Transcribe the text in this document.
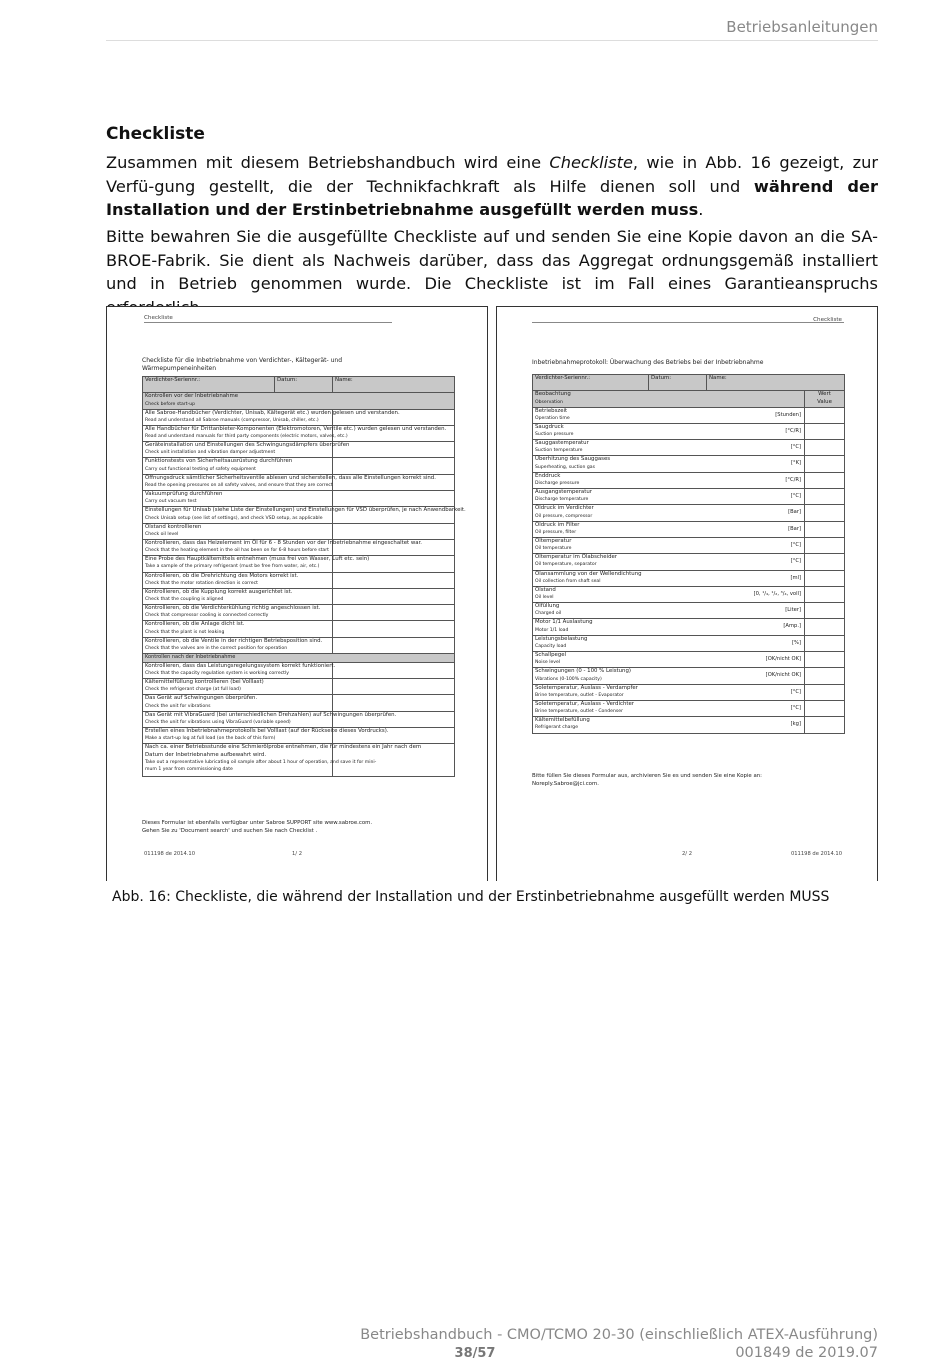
Betriebsanleitungen
Checkliste
Zusammen mit diesem Betriebshandbuch wird eine Checkliste, wie in Abb. 16 gezeigt, zur Verfü-gung gestellt, die der Technikfachkraft als Hilfe dienen soll und während der Installation und der Erstinbetriebnahme ausgefüllt werden muss.
Bitte bewahren Sie die ausgefüllte Checkliste auf und senden Sie eine Kopie davon an die SA-BROE-Fabrik. Sie dient als Nachweis darüber, dass das Aggregat ordnungsgemäß installiert und in Betrieb genommen wurde. Die Checkliste ist im Fall eines Garantieanspruchs
Checkliste
Checkliste für die Inbetriebnahme von Verdichter-, Kältegerät- und Wärmepumpeneinheiten
Verdichter-Seriennr.:	Datum:	Name:

Kontrollen vor der Inbetriebnahme
Check before start-up		

Alle Sabroe-Handbücher (Verdichter, Unisab, Kältegerät etc.) wurden gelesen und verstanden.
Read and understand all Sabroe manuals (compressor, Unisab, chiller, etc.)		

Alle Handbücher für Drittanbieter-Komponenten (Elektromotoren, Ventile etc.) wurden gelesen und verstanden.
Read and understand manuals for third party components (electric motors, valves, etc.)		

Geräteinstallation und Einstellungen des Schwingungsdämpfers überprüfen
Check unit installation and vibration damper adjustment		

Funktionstests von Sicherheitsausrüstung durchführen
Carry out functional testing of safety equipment		

Öffnungsdruck sämtlicher Sicherheitsventile ablesen und sicherstellen, dass alle Einstellungen korrekt sind.
Read the opening pressures on all safety valves, and ensure that they are correct		

Vakuumprüfung durchführen
Carry out vacuum test		

Einstellungen für Unisab (siehe Liste der Einstellungen) und Einstellungen für VSD überprüfen, je nach Anwendbarkeit.
Check Unisab setup (see list of settings), and check VSD setup, as applicable		

Ölstand kontrollieren
Check oil level		

Kontrollieren, dass das Heizelement im Öl für 6 - 8 Stunden vor der Inbetriebnahme eingeschaltet war.
Check that the heating element in the oil has been on for 6-8 hours before start		

Eine Probe des Hauptkältemittels entnehmen (muss frei von Wasser, Luft etc. sein)
Take a sample of the primary refrigerant (must be free from water, air, etc.)		

Kontrollieren, ob die Drehrichtung des Motors korrekt ist.
Check that the motor rotation direction is correct		

Kontrollieren, ob die Kupplung korrekt ausgerichtet ist.
Check that the coupling is aligned		

Kontrollieren, ob die Verdichterkühlung richtig angeschlossen ist.
Check that compressor cooling is connected correctly		

Kontrollieren, ob die Anlage dicht ist.
Check that the plant is not leaking		

Kontrollieren, ob die Ventile in der richtigen Betriebsposition sind.
Check that the valves are in the correct position for operation		

Kontrollen nach der Inbetriebnahme		

Kontrollieren, dass das Leistungsregelungssystem korrekt funktioniert.
Check that the capacity regulation system is working correctly		

Kältemittelfüllung kontrollieren (bei Volllast)
Check the refrigerant charge (at full load)		

Das Gerät auf Schwingungen überprüfen.
Check the unit for vibrations		

Das Gerät mit VibraGuard (bei unterschiedlichen Drehzahlen) auf Schwingungen überprüfen.
Check the unit for vibrations using VibraGuard (variable speed)		

Erstellen eines Inbetriebnahmeprotokolls bei Volllast (auf der Rückseite dieses Vordrucks).
Make a start-up log at full load (on the back of this form)		

Nach ca. einer Betriebsstunde eine Schmierölprobe entnehmen, die für mindestens ein Jahr nach dem
Datum der Inbetriebnahme aufbewahrt wird.
Take out a representative lubricating oil sample after about 1 hour of operation, and save it for mini-
mum 1 year from commissioning date		

Dieses Formular ist ebenfalls verfügbar unter Sabroe SUPPORT site www.sabroe.com.
Gehen Sie zu 'Document search' und suchen Sie nach Checklist .
011198 de 2014.10	1/ 2
Checkliste
Inbetriebnahmeprotokoll: Überwachung des Betriebs bei der Inbetriebnahme
Verdichter-Seriennr.:	Datum:	Name:	

Beobachtung
Observation			Wert
Value

Betriebszeit
Operation time
[Stunden]			

Saugdruck
Suction pressure
[°C/R]			

Sauggastemperatur
Suction temperature
[°C]			

Überhitzung des Sauggases
Superheating, suction gas
[°K]			

Enddruck
Discharge pressure
[°C/R]			

Ausgangstemperatur
Discharge temperature
[°C]			

Öldruck im Verdichter
Oil pressure, compressor
[Bar]			

Öldruck im Filter
Oil pressure, filter
[Bar]			

Öltemperatur
Oil temperature
[°C]			

Öltemperatur im Ölabscheider
Oil temperature, separator
[°C]			

Ölansammlung von der Wellendichtung
Oil collection from shaft seal
[ml]			

Ölstand
Oil level
[0, ¹/₄, ¹/₂, ³/₄, voll]			

Ölfüllung
Charged oil
[Liter]			

Motor 1/1 Auslastung
Motor 1/1 load
[Amp.]			

Leistungsbelastung
Capacity load
[%]			

Schallpegel
Noise level
[OK/nicht OK]			

Schwingungen (0 - 100 % Leistung)
Vibrations (0-100% capacity)
[OK/nicht OK]			

Soletemperatur, Auslass - Verdampfer
Brine temperature, outlet - Evaporator
[°C]			

Soletemperatur, Auslass - Verdichter
Brine temperature, outlet - Condenser
[°C]			

Kältemittelbefüllung
Refrigerant charge
[kg]			

Bitte füllen Sie dieses Formular aus, archivieren Sie es und senden Sie eine Kopie an:
Noreply.Sabroe@jci.com.
2/ 2	011198 de 2014.10
Abb. 16: Checkliste, die während der Installation und der Erstinbetriebnahme ausgefüllt werden MUSS
Betriebshandbuch - CMO/TCMO 20-30 (einschließlich ATEX-Ausführung)
001849 de 2019.07
38/57
